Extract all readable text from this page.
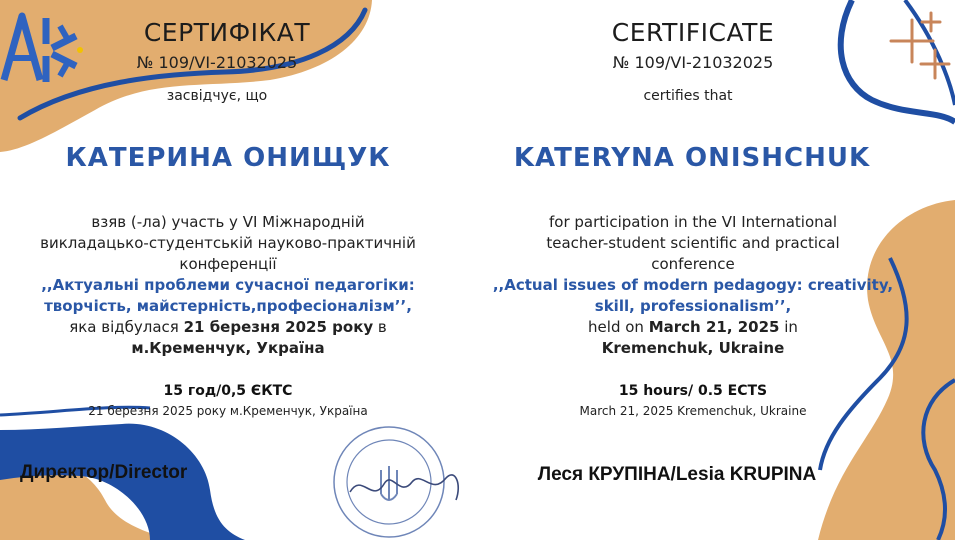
СЕРТИФІКАТ
№ 109/VI-21032025
засвідчує, що
КАТЕРИНА ОНИЩУК
взяв (-ла) участь у VI Міжнародній
викладацько-студентській науково-практичній
конференції
,,Актуальні проблеми сучасної педагогіки:
творчість, майстерність,професіоналізм’’,
яка відбулася 21 березня 2025 року в
м.Кременчук, Україна
15 год/0,5 ЄКТС
21 березня 2025 року м.Кременчук, Україна
Директор/Director
CERTIFICATE
№ 109/VI-21032025
certifies that
KATERYNA ONISHCHUK
for participation in the VI International
teacher-student scientific and practical
conference
,,Actual issues of modern pedagogy: creativity,
skill, professionalism’’,
held on March 21, 2025 in
Kremenchuk, Ukraine
15 hours/ 0.5 ECTS
March 21, 2025 Kremenchuk, Ukraine
Леся КРУПІНА/Lesia KRUPINA
